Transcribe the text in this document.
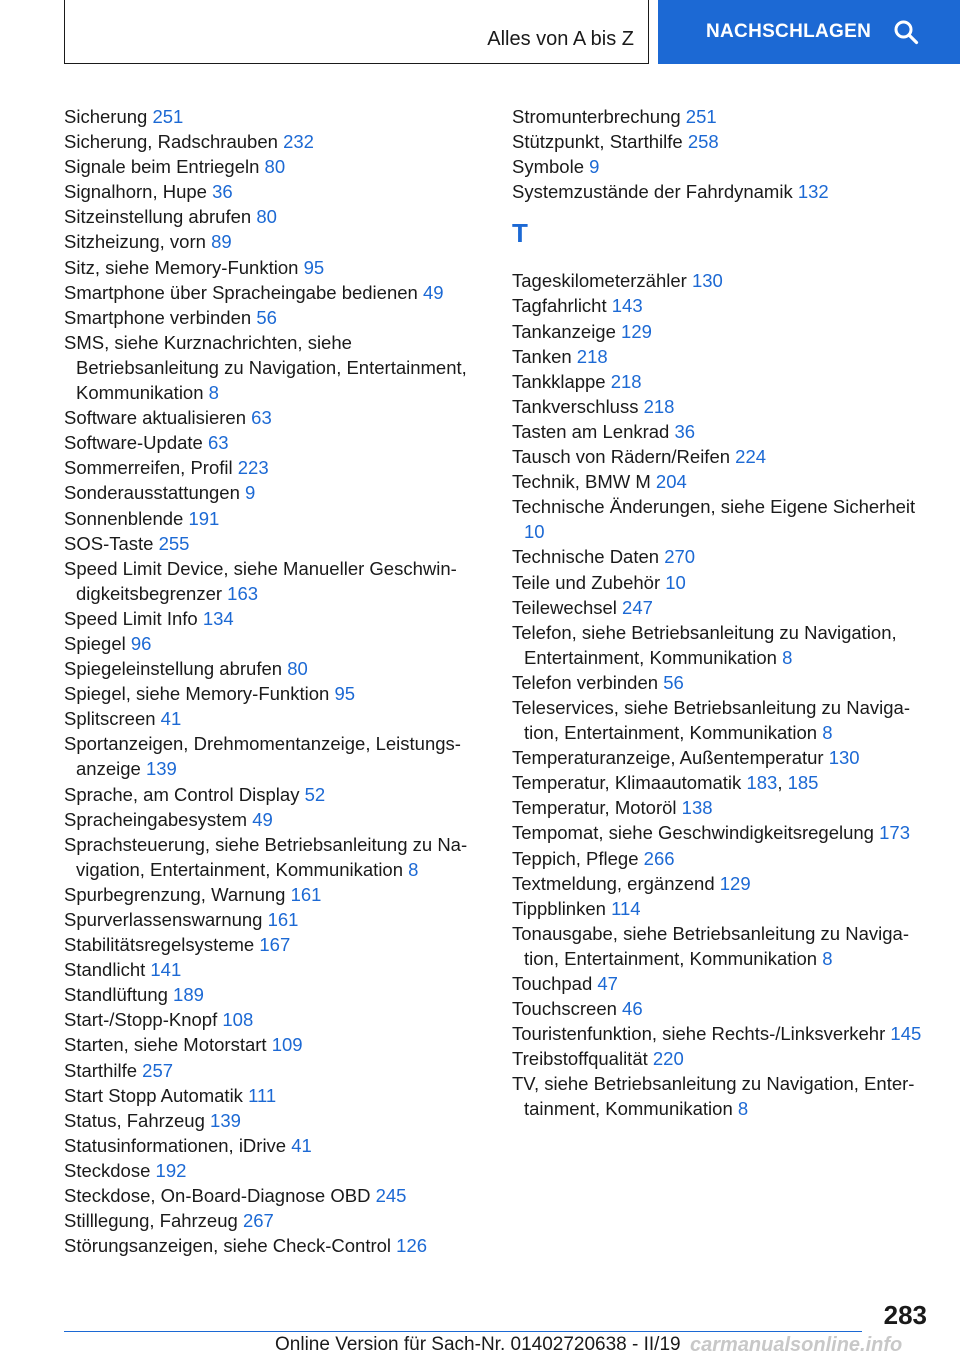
Alles von A bis Z	NACHSCHLAGEN
Sicherung 251
Sicherung, Radschrauben 232
Signale beim Entriegeln 80
Signalhorn, Hupe 36
Sitzeinstellung abrufen 80
Sitzheizung, vorn 89
Sitz, siehe Memory-Funktion 95
Smartphone über Spracheingabe bedienen 49
Smartphone verbinden 56
SMS, siehe Kurznachrichten, siehe Betriebsanleitung zu Navigation, Entertainment, Kommunikation 8
Software aktualisieren 63
Software-Update 63
Sommerreifen, Profil 223
Sonderausstattungen 9
Sonnenblende 191
SOS-Taste 255
Speed Limit Device, siehe Manueller Geschwindigkeitsbegrenzer 163
Speed Limit Info 134
Spiegel 96
Spiegeleinstellung abrufen 80
Spiegel, siehe Memory-Funktion 95
Splitscreen 41
Sportanzeigen, Drehmomentanzeige, Leistungsanzeige 139
Sprache, am Control Display 52
Spracheingabesystem 49
Sprachsteuerung, siehe Betriebsanleitung zu Navigation, Entertainment, Kommunikation 8
Spurbegrenzung, Warnung 161
Spurverlassenswarnung 161
Stabilitätsregelsysteme 167
Standlicht 141
Standlüftung 189
Start-/Stopp-Knopf 108
Starten, siehe Motorstart 109
Starthilfe 257
Start Stopp Automatik 111
Status, Fahrzeug 139
Statusinformationen, iDrive 41
Steckdose 192
Steckdose, On-Board-Diagnose OBD 245
Stilllegung, Fahrzeug 267
Störungsanzeigen, siehe Check-Control 126
Stromunterbrechung 251
Stützpunkt, Starthilfe 258
Symbole 9
Systemzustände der Fahrdynamik 132
T
Tageskilometerzähler 130
Tagfahrlicht 143
Tankanzeige 129
Tanken 218
Tankklappe 218
Tankverschluss 218
Tasten am Lenkrad 36
Tausch von Rädern/Reifen 224
Technik, BMW M 204
Technische Änderungen, siehe Eigene Sicherheit 10
Technische Daten 270
Teile und Zubehör 10
Teilewechsel 247
Telefon, siehe Betriebsanleitung zu Navigation, Entertainment, Kommunikation 8
Telefon verbinden 56
Teleservices, siehe Betriebsanleitung zu Navigation, Entertainment, Kommunikation 8
Temperaturanzeige, Außentemperatur 130
Temperatur, Klimaautomatik 183, 185
Temperatur, Motoröl 138
Tempomat, siehe Geschwindigkeitsregelung 173
Teppich, Pflege 266
Textmeldung, ergänzend 129
Tippblinken 114
Tonausgabe, siehe Betriebsanleitung zu Navigation, Entertainment, Kommunikation 8
Touchpad 47
Touchscreen 46
Touristenfunktion, siehe Rechts-/Linksverkehr 145
Treibstoffqualität 220
TV, siehe Betriebsanleitung zu Navigation, Entertainment, Kommunikation 8
283
Online Version für Sach-Nr. 01402720638 - II/19 carmanualsonline.info
